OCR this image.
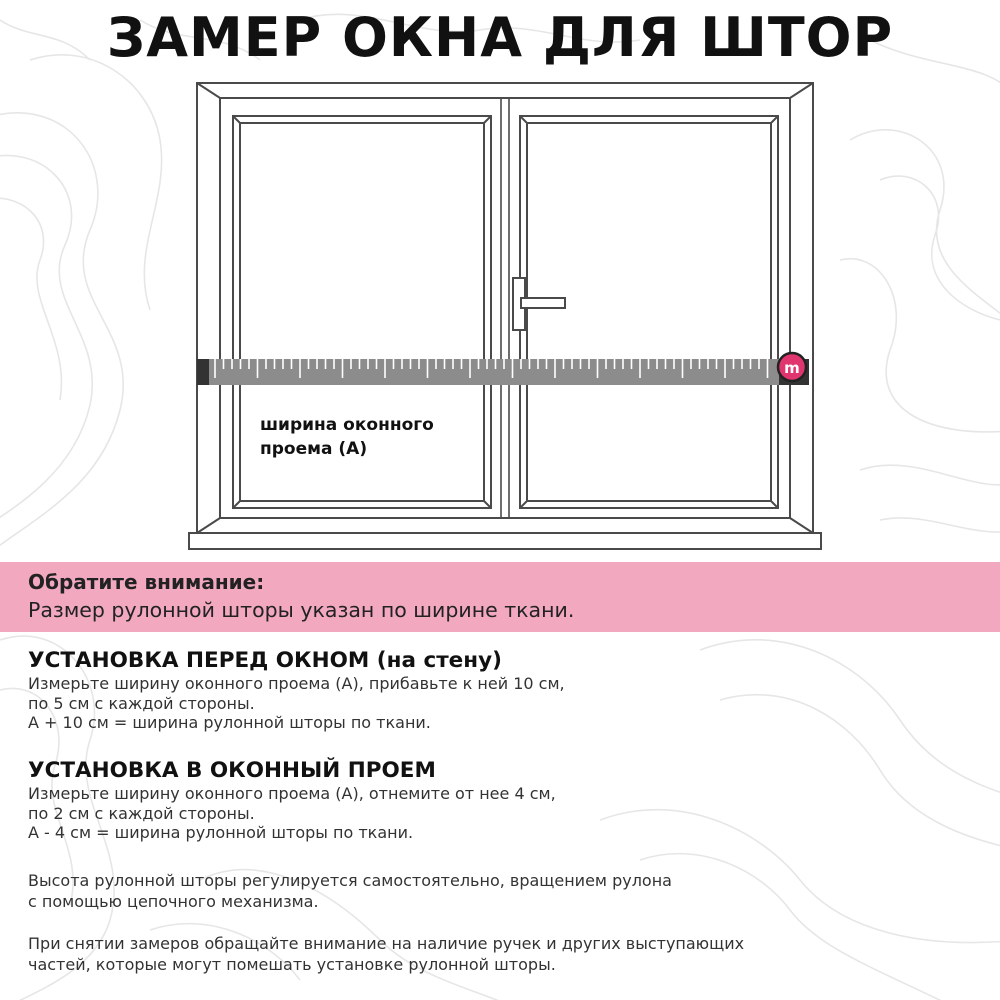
ЗАМЕР ОКНА ДЛЯ ШТОР
m
ширина оконного проема (А)
Обратите внимание:
Размер рулонной шторы указан по ширине ткани.
УСТАНОВКА ПЕРЕД ОКНОМ (на стену)
Измерьте ширину оконного проема (А), прибавьте к ней 10 см,
по 5 см с каждой стороны.
А + 10 см = ширина рулонной шторы по ткани.
УСТАНОВКА В ОКОННЫЙ ПРОЕМ
Измерьте ширину оконного проема (А), отнемите от нее 4 см,
по 2 см с каждой стороны.
А - 4 см = ширина рулонной шторы по ткани.
Высота рулонной шторы регулируется самостоятельно, вращением рулона
с помощью цепочного механизма.
При снятии замеров обращайте внимание на наличие ручек и других выступающих
частей, которые могут помешать установке рулонной шторы.
